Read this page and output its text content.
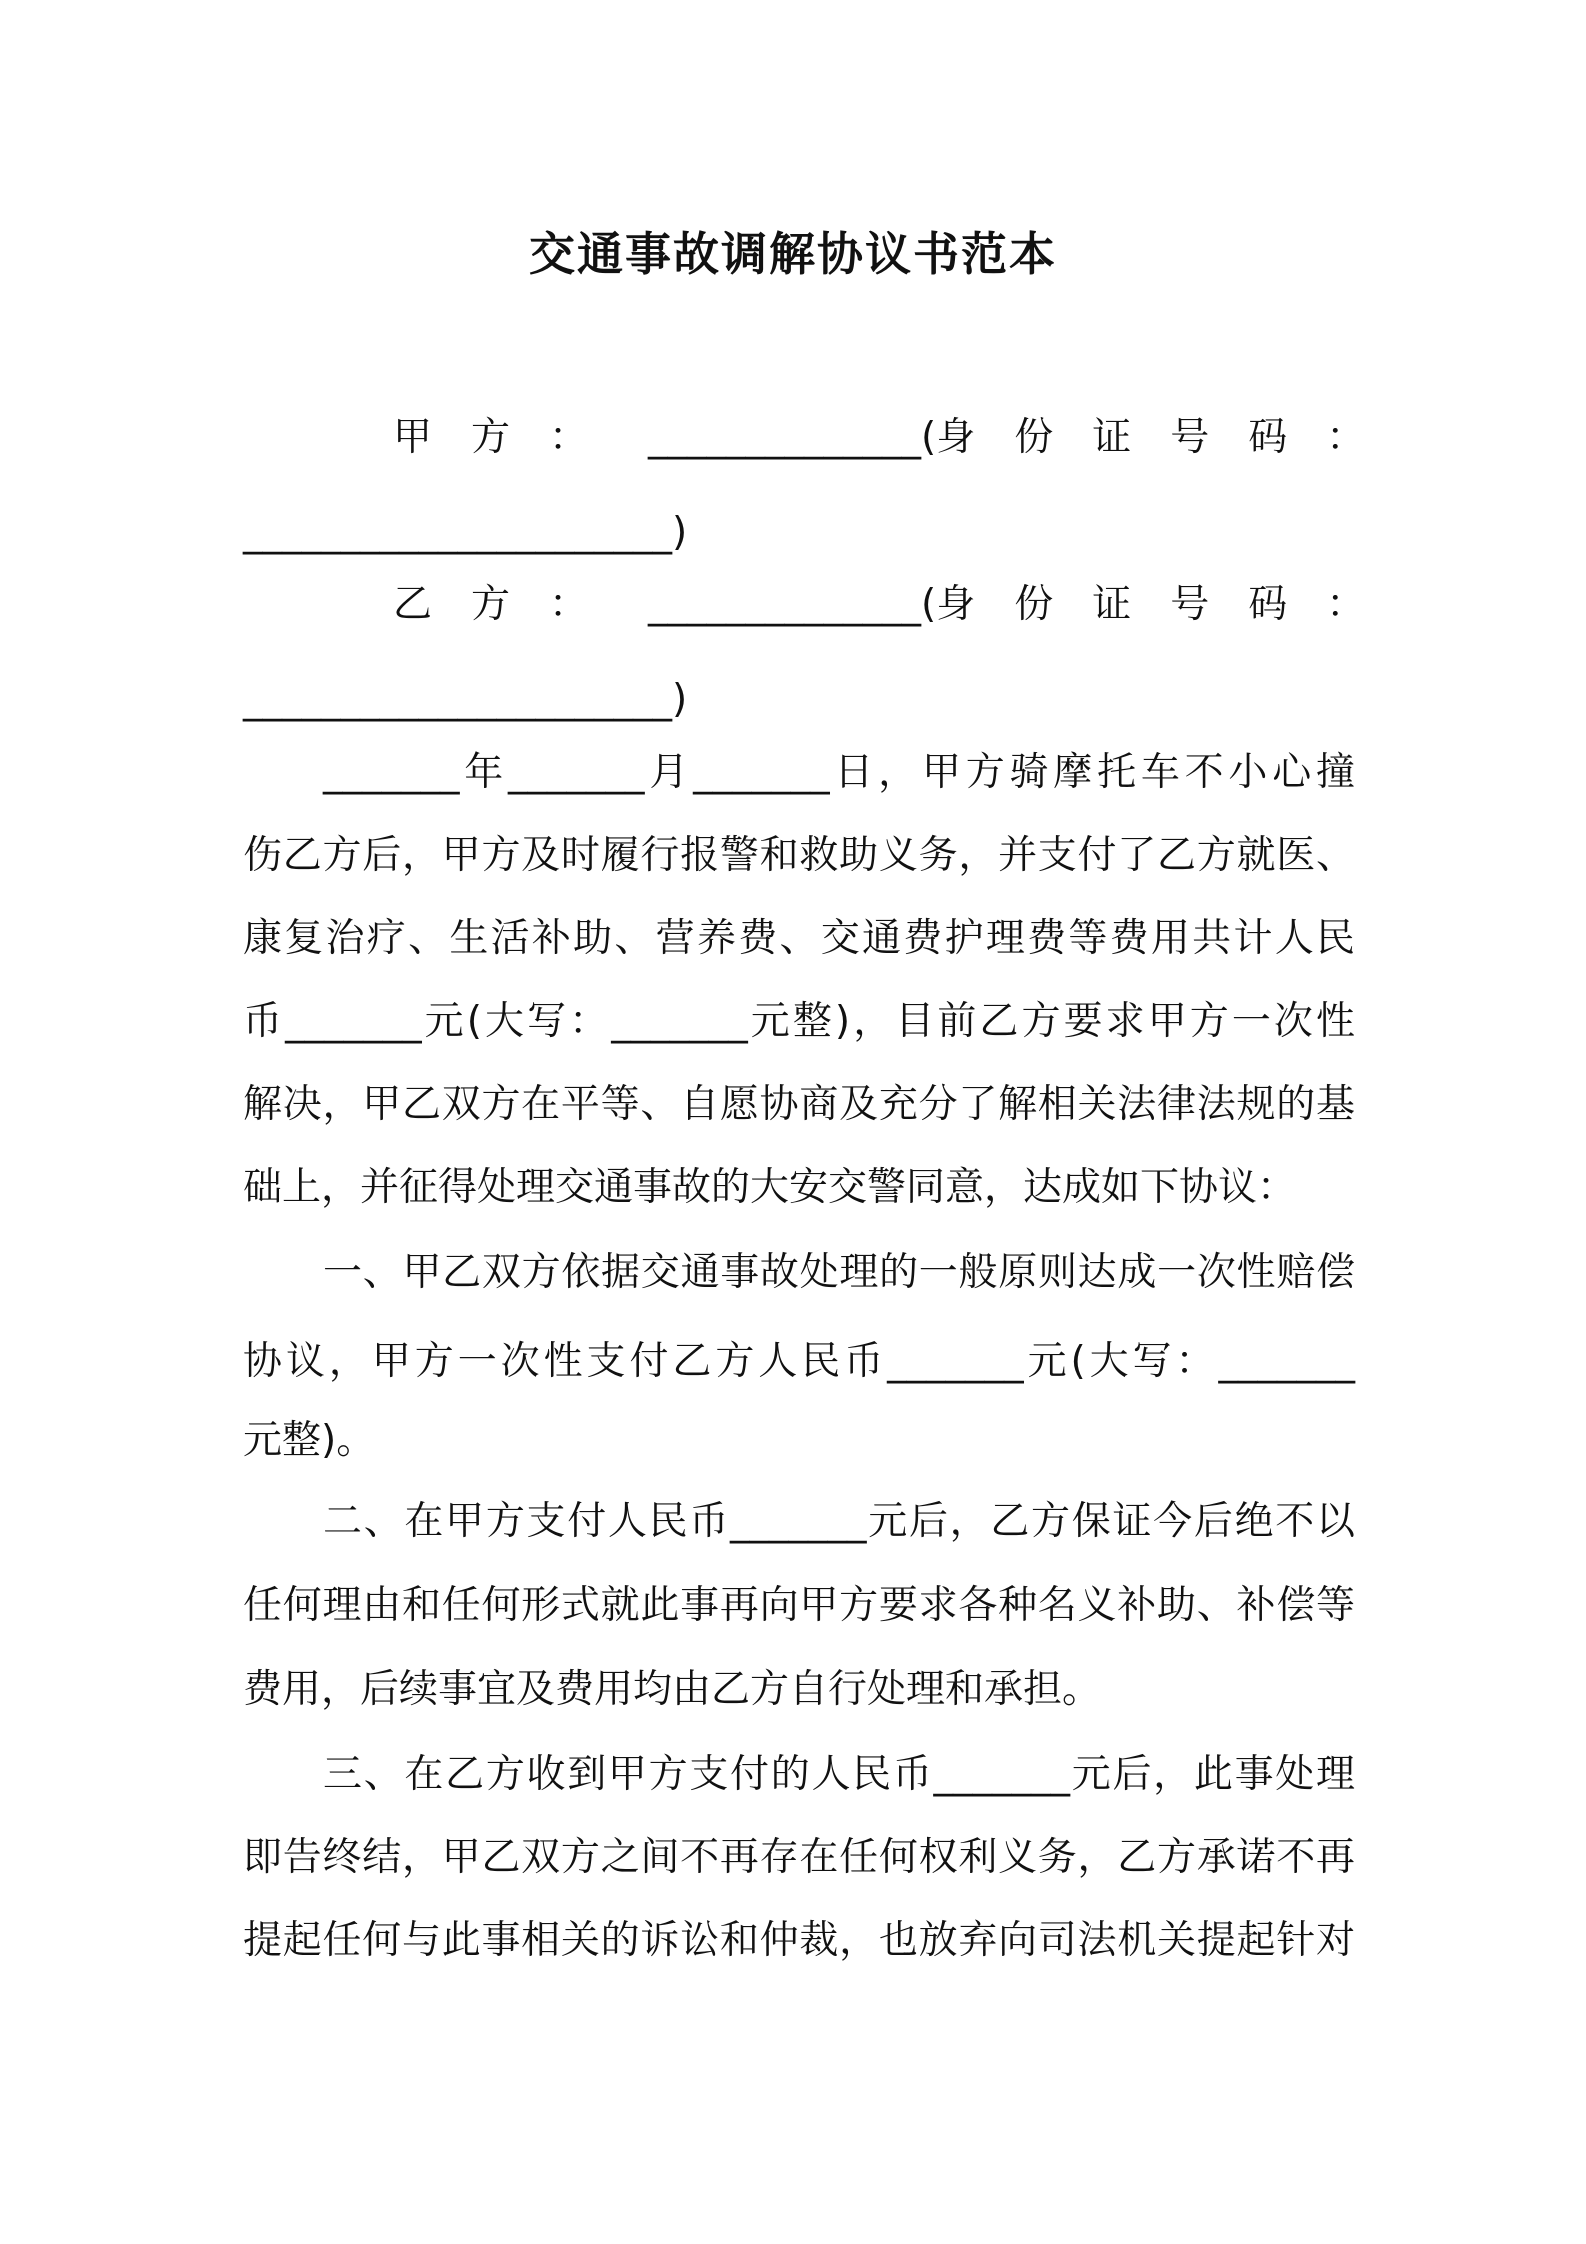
交通事故调解协议书范本
甲　方　： ______________(身　份　证　号　码　：
______________________)
乙　方　： ______________(身　份　证　号　码　：
______________________)
_______年_______月_______日，甲方骑摩托车不小心撞
伤乙方后，甲方及时履行报警和救助义务，并支付了乙方就医、
康复治疗、生活补助、营养费、交通费护理费等费用共计人民
币_______元(大写：_______元整)，目前乙方要求甲方一次性
解决，甲乙双方在平等、自愿协商及充分了解相关法律法规的基
础上，并征得处理交通事故的大安交警同意，达成如下协议：
一、甲乙双方依据交通事故处理的一般原则达成一次性赔偿
协议，甲方一次性支付乙方人民币_______元(大写：_______
元整)。
二、在甲方支付人民币_______元后，乙方保证今后绝不以
任何理由和任何形式就此事再向甲方要求各种名义补助、补偿等
费用，后续事宜及费用均由乙方自行处理和承担。
三、在乙方收到甲方支付的人民币_______元后，此事处理
即告终结，甲乙双方之间不再存在任何权利义务，乙方承诺不再
提起任何与此事相关的诉讼和仲裁，也放弃向司法机关提起针对
